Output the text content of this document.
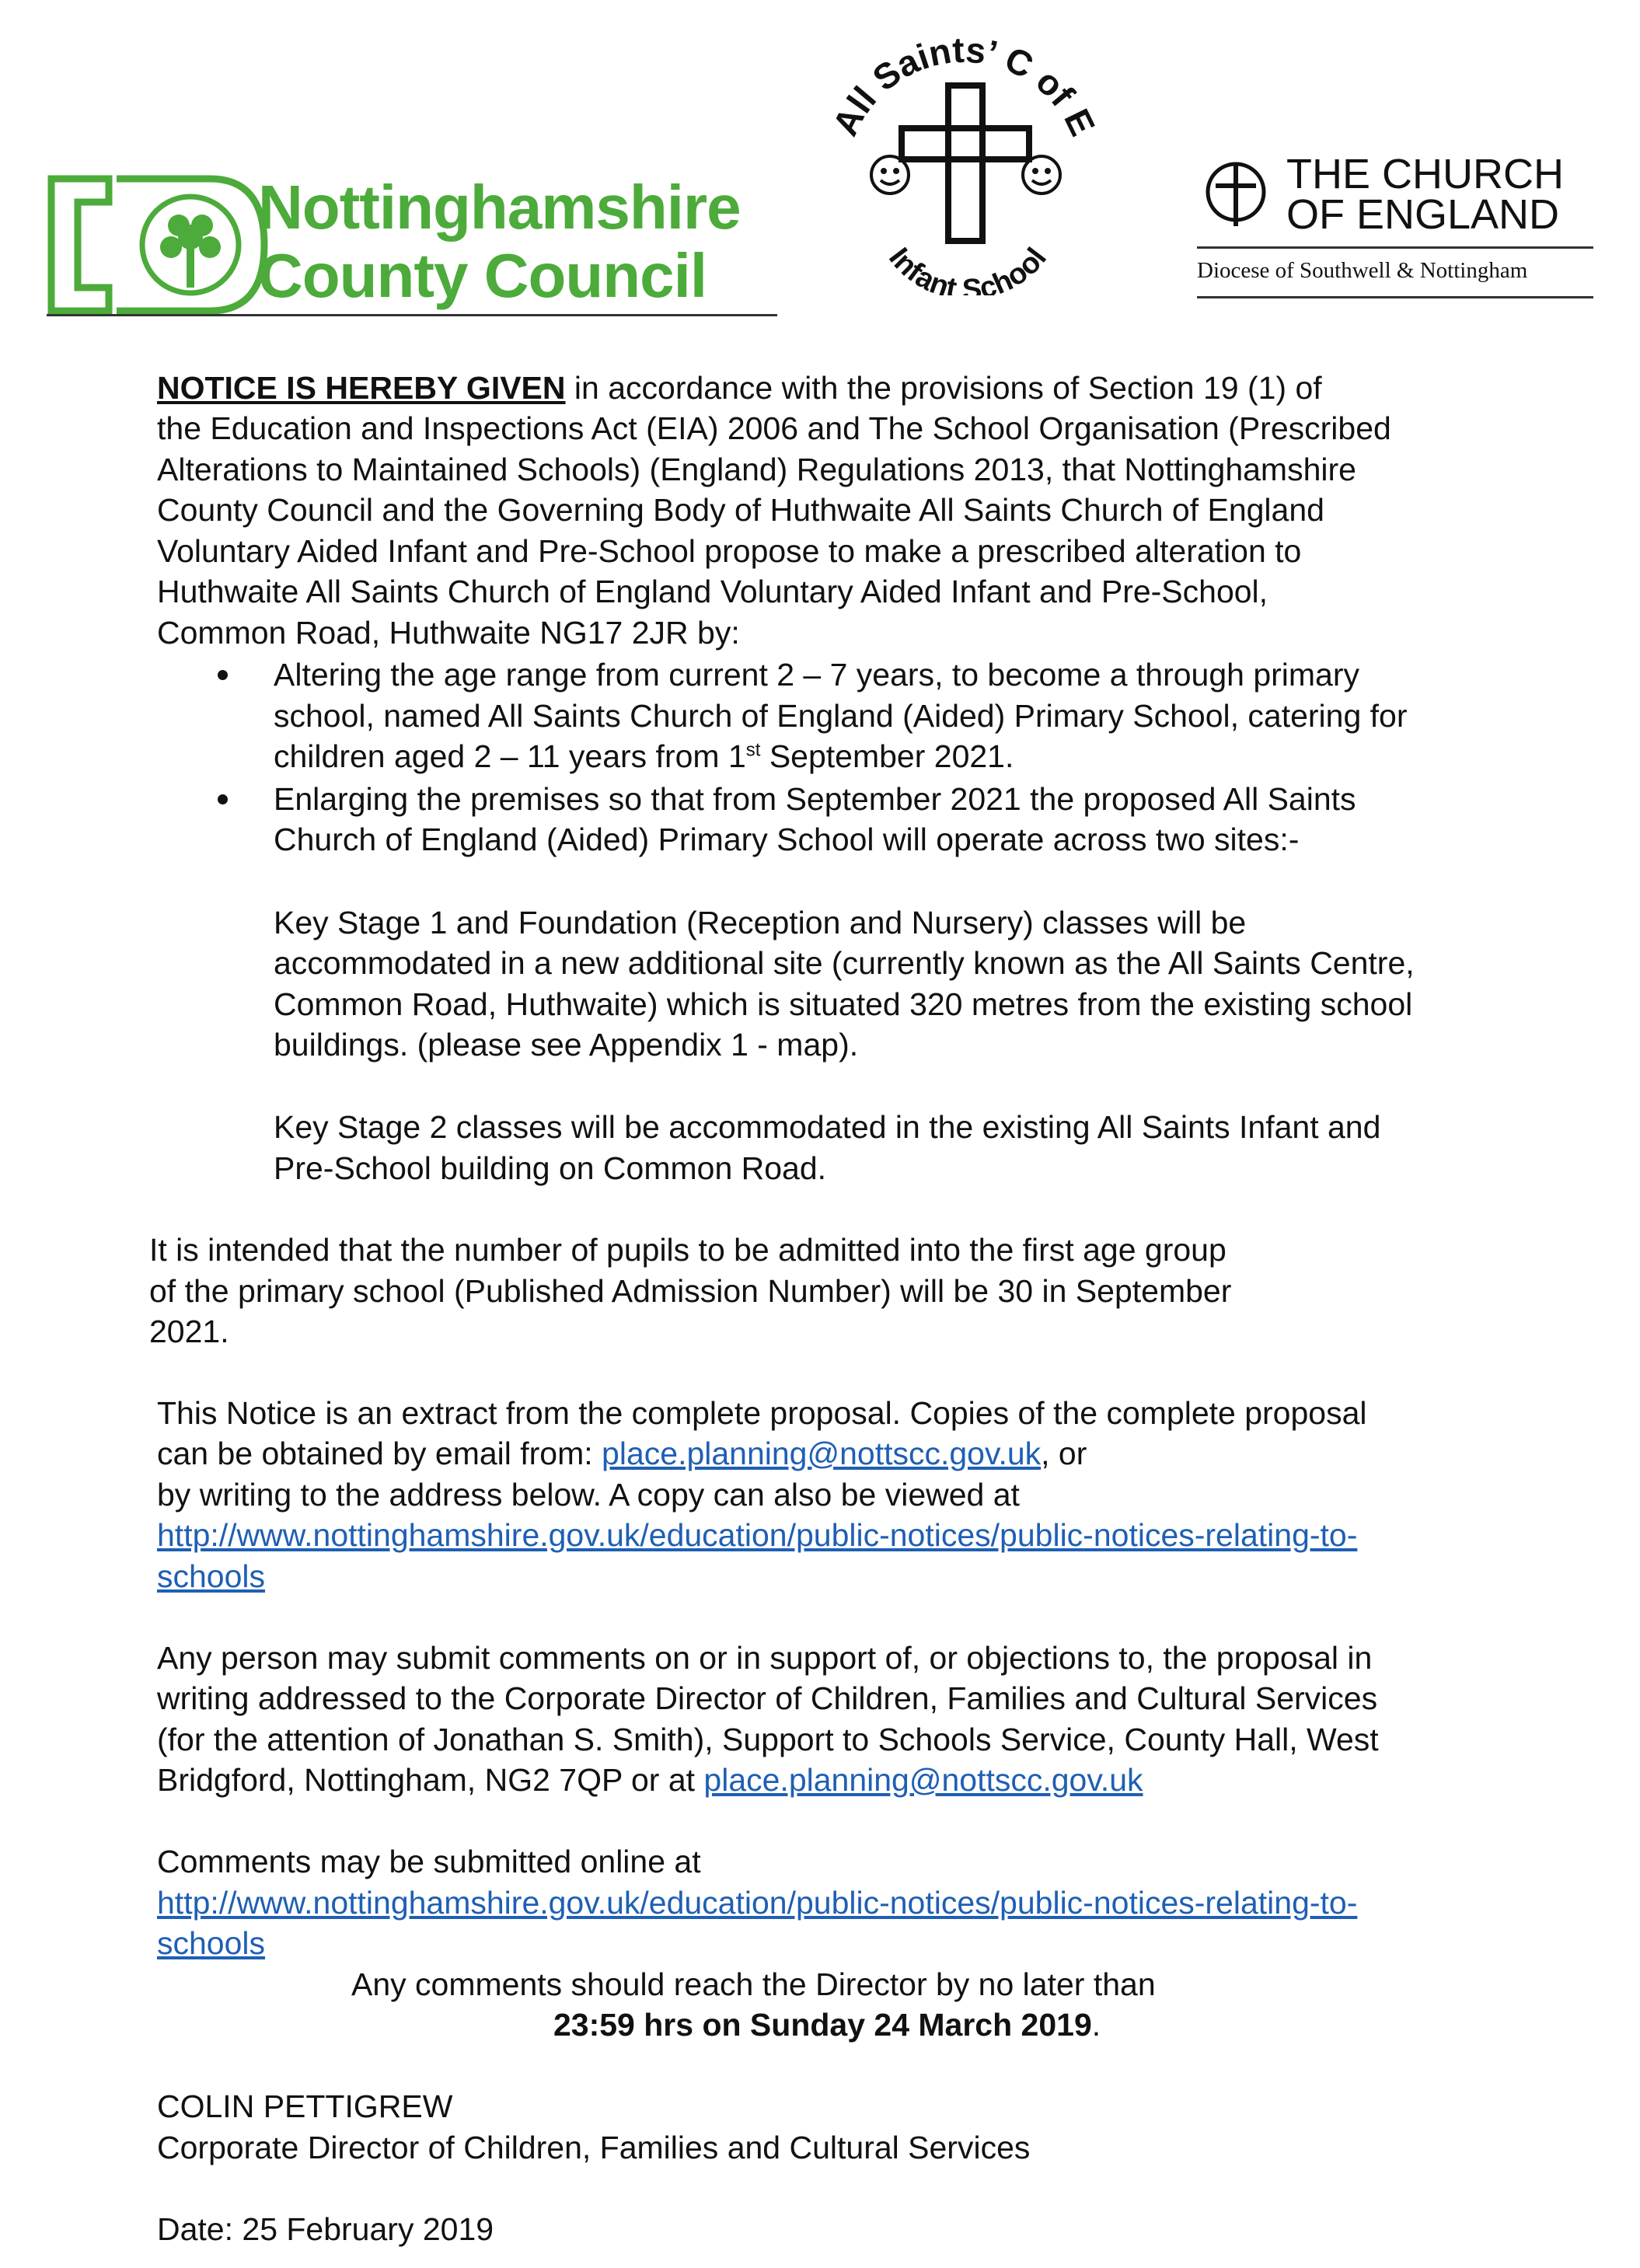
Nottinghamshire
County Council
All Saints’ C of E
Infant School
THE CHURCH
OF ENGLAND
Diocese of Southwell & Nottingham
NOTICE IS HEREBY GIVEN in accordance with the provisions of Section 19 (1) of
the Education and Inspections Act (EIA) 2006 and The School Organisation (Prescribed
Alterations to Maintained Schools) (England) Regulations 2013, that Nottinghamshire
County Council and the Governing Body of Huthwaite All Saints Church of England
Voluntary Aided Infant and Pre-School propose to make a prescribed alteration to
Huthwaite All Saints Church of England Voluntary Aided Infant and Pre-School,
Common Road, Huthwaite NG17 2JR by:
Altering the age range from current 2 – 7 years, to become a through primary
school, named All Saints Church of England (Aided) Primary School, catering for
children aged 2 – 11 years from 1st September 2021.
Enlarging the premises so that from September 2021 the proposed All Saints
Church of England (Aided) Primary School will operate across two sites:-
Key Stage 1 and Foundation (Reception and Nursery) classes will be
accommodated in a new additional site (currently known as the All Saints Centre,
Common Road, Huthwaite) which is situated 320 metres from the existing school
buildings. (please see Appendix 1 - map).
Key Stage 2 classes will be accommodated in the existing All Saints Infant and
Pre-School building on Common Road.
It is intended that the number of pupils to be admitted into the first age group
of the primary school (Published Admission Number) will be 30 in September
2021.
This Notice is an extract from the complete proposal. Copies of the complete proposal
can be obtained by email from: place.planning@nottscc.gov.uk, or
by writing to the address below. A copy can also be viewed at
http://www.nottinghamshire.gov.uk/education/public-notices/public-notices-relating-to-
schools
Any person may submit comments on or in support of, or objections to, the proposal in
writing addressed to the Corporate Director of Children, Families and Cultural Services
(for the attention of Jonathan S. Smith), Support to Schools Service, County Hall, West
Bridgford, Nottingham, NG2 7QP or at place.planning@nottscc.gov.uk
Comments may be submitted online at
http://www.nottinghamshire.gov.uk/education/public-notices/public-notices-relating-to-
schools
Any comments should reach the Director by no later than
23:59 hrs on Sunday 24 March 2019.
COLIN PETTIGREW
Corporate Director of Children, Families and Cultural Services
Date: 25 February 2019
